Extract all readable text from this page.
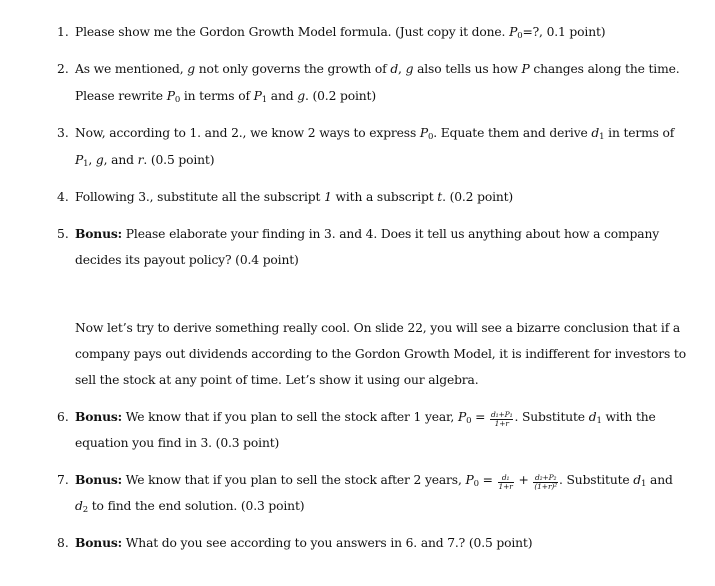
1. Please show me the Gordon Growth Model formula. (Just copy it done. $P_0=$?, 0.1 point)
2. As we mentioned, g not only governs the growth of d, g also tells us how P changes along the time.
Please rewrite $P_0$ in terms of $P_1$ and g. (0.2 point)
3. Now, according to 1. and 2., we know 2 ways to express $P_0$. Equate them and derive $d_1$ in terms of
$P_1$, g, and r. (0.5 point)
4. Following 3., substitute all the subscript 1 with a subscript t. (0.2 point)
5. Bonus: Please elaborate your finding in 3. and 4. Does it tell us anything about how a company
decides its payout policy? (0.4 point)
Now let’s try to derive something really cool. On slide 22, you will see a bizarre conclusion that if a
company pays out dividends according to the Gordon Growth Model, it is indifferent for investors to
sell the stock at any point of time. Let’s show it using our algebra.
6. Bonus: We know that if you plan to sell the stock after 1 year, $P_0 = \frac{\text{d₁+P₁}}{1+r}$ . Substitute $d_1$ with the
equation you find in 3. (0.3 point)
7. Bonus: We know that if you plan to sell the stock after 2 years, $P_0 = \frac{\text{d₁}}{1+r} + \frac{\text{d₂+P₂}}{\text{(1+r)²}}$ . Substitute $d_1$ and
$d_2$ to find the end solution. (0.3 point)
8. Bonus: What do you see according to you answers in 6. and 7.? (0.5 point)
